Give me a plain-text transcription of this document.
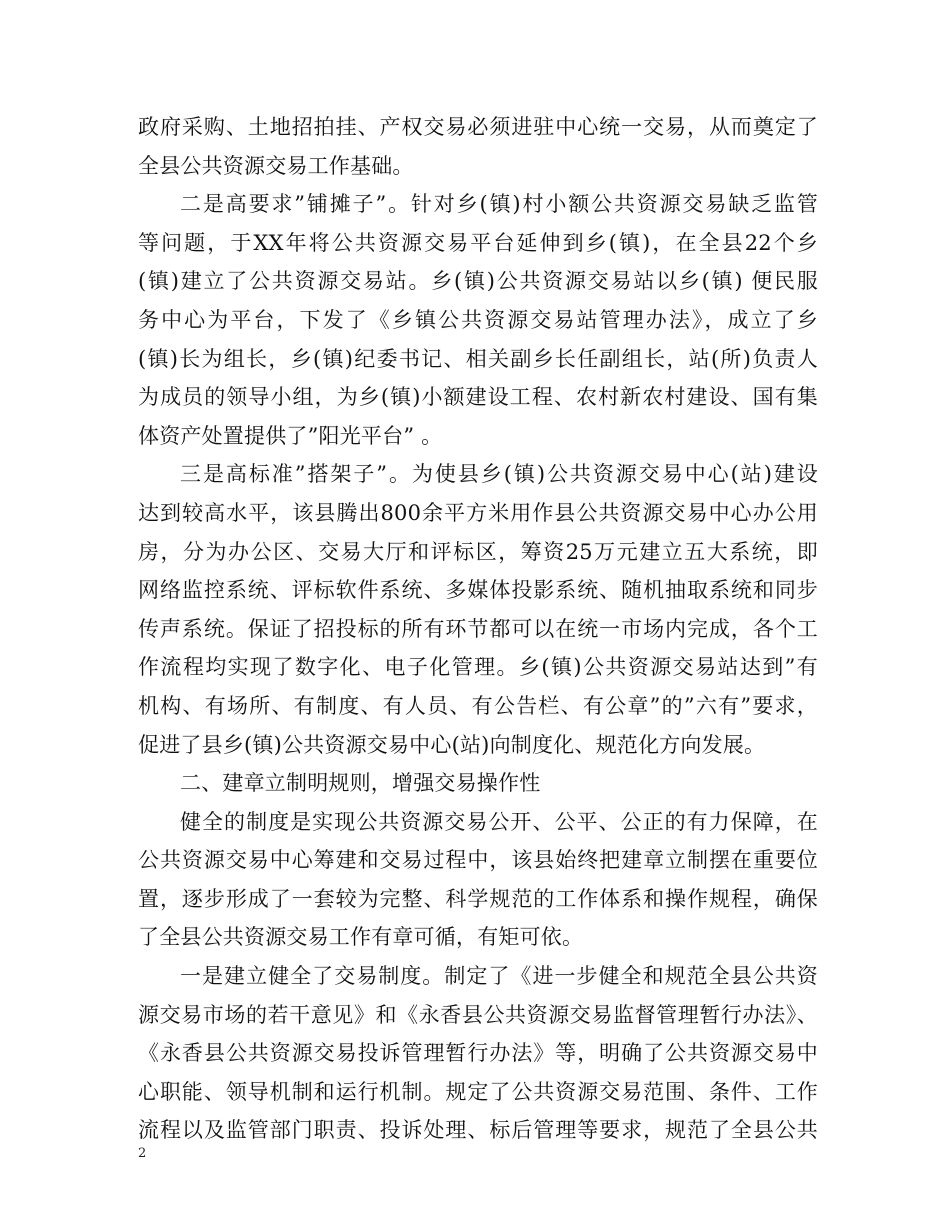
政府采购、土地招拍挂、产权交易必须进驻中心统一交易，从而奠定了
全县公共资源交易工作基础。
二是高要求”铺摊子”。针对乡(镇)村小额公共资源交易缺乏监管
等问题，于XX年将公共资源交易平台延伸到乡(镇)，在全县22个乡
(镇)建立了公共资源交易站。乡(镇)公共资源交易站以乡(镇) 便民服
务中心为平台，下发了《乡镇公共资源交易站管理办法》，成立了乡
(镇)长为组长，乡(镇)纪委书记、相关副乡长任副组长，站(所)负责人
为成员的领导小组，为乡(镇)小额建设工程、农村新农村建设、国有集
体资产处置提供了”阳光平台” 。
三是高标准”搭架子”。为使县乡(镇)公共资源交易中心(站)建设
达到较高水平，该县腾出800余平方米用作县公共资源交易中心办公用
房，分为办公区、交易大厅和评标区，筹资25万元建立五大系统，即
网络监控系统、评标软件系统、多媒体投影系统、随机抽取系统和同步
传声系统。保证了招投标的所有环节都可以在统一市场内完成，各个工
作流程均实现了数字化、电子化管理。乡(镇)公共资源交易站达到”有
机构、有场所、有制度、有人员、有公告栏、有公章”的”六有”要求，
促进了县乡(镇)公共资源交易中心(站)向制度化、规范化方向发展。
二、建章立制明规则，增强交易操作性
健全的制度是实现公共资源交易公开、公平、公正的有力保障，在
公共资源交易中心筹建和交易过程中，该县始终把建章立制摆在重要位
置，逐步形成了一套较为完整、科学规范的工作体系和操作规程，确保
了全县公共资源交易工作有章可循，有矩可依。
一是建立健全了交易制度。制定了《进一步健全和规范全县公共资
源交易市场的若干意见》和《永香县公共资源交易监督管理暂行办法》、
《永香县公共资源交易投诉管理暂行办法》等，明确了公共资源交易中
心职能、领导机制和运行机制。规定了公共资源交易范围、条件、工作
流程以及监管部门职责、投诉处理、标后管理等要求，规范了全县公共
2
